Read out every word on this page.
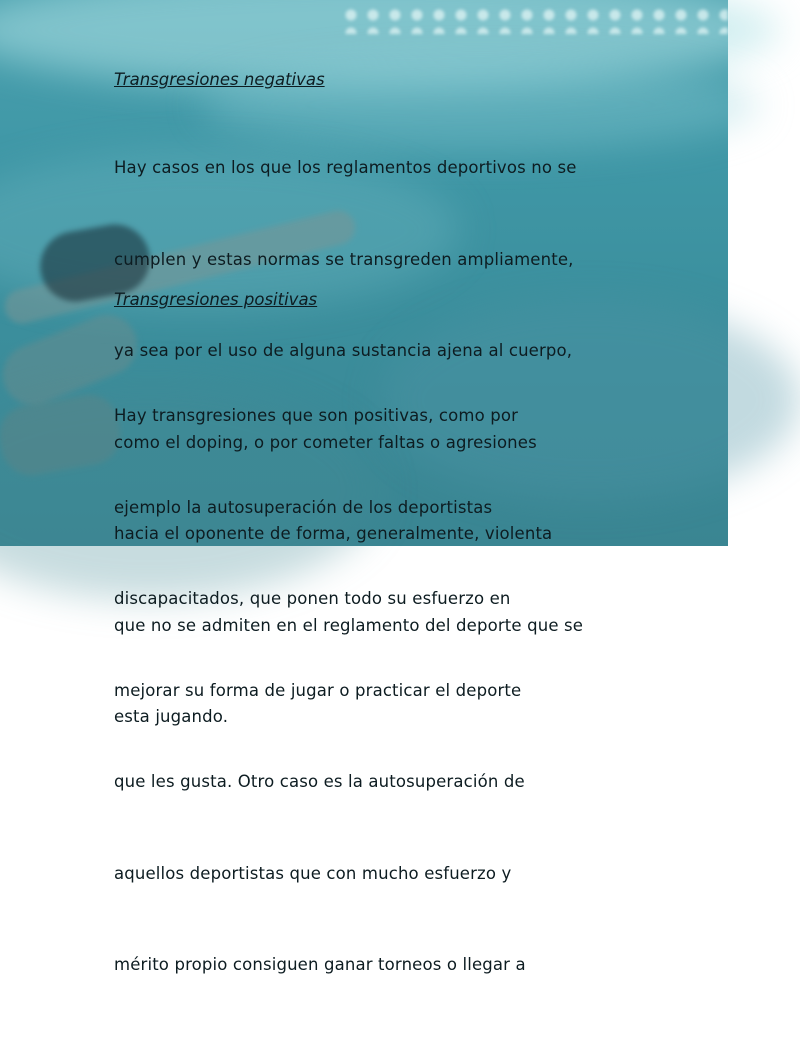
Transgresiones negativas

Hay casos en los que los reglamentos deportivos no se

cumplen y estas normas se transgreden ampliamente,

ya sea por el uso de alguna sustancia ajena al cuerpo,

como el doping, o por cometer faltas o agresiones

hacia el oponente de forma, generalmente, violenta

que no se admiten en el reglamento del deporte que se

esta jugando.

Transgresiones positivas

Hay transgresiones que son positivas, como por

ejemplo la autosuperación de los deportistas

discapacitados, que ponen todo su esfuerzo en

mejorar su forma de jugar o practicar el deporte

que les gusta. Otro caso es la autosuperación de

aquellos deportistas que con mucho esfuerzo y

mérito propio consiguen ganar torneos o llegar a
